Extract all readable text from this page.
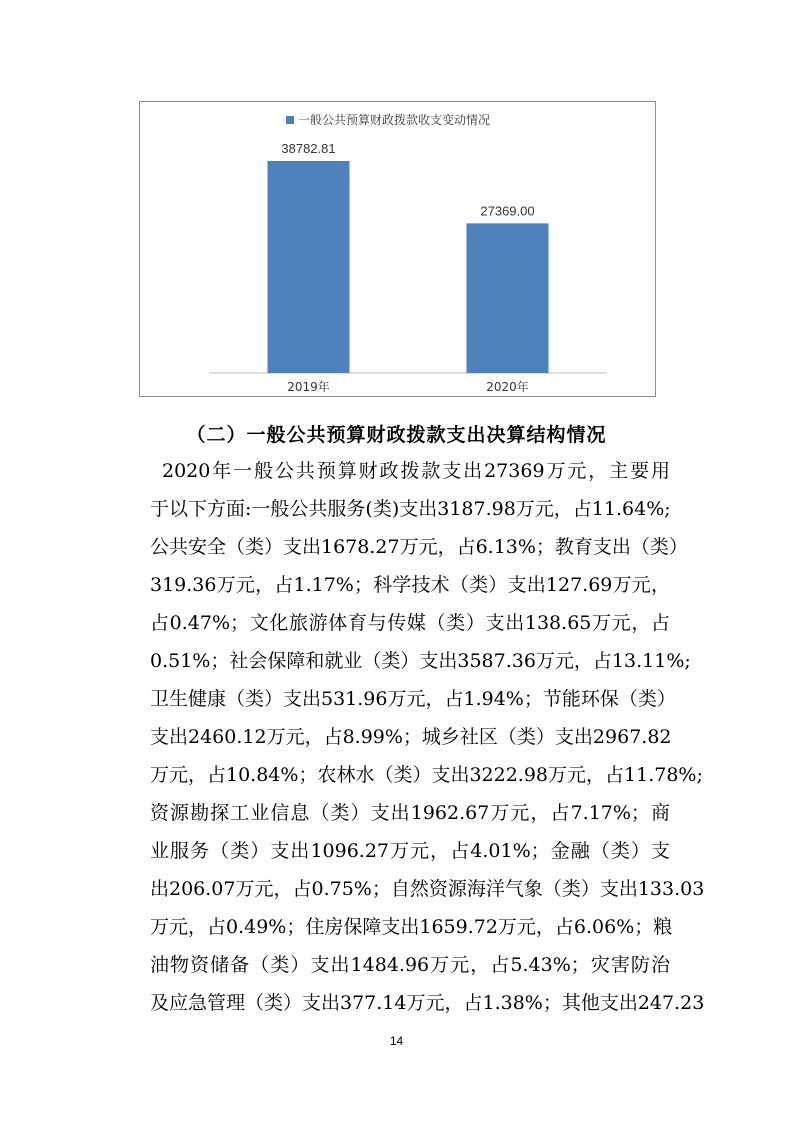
一般公共预算财政拨款收支变动情况
38782.81
2019年
27369.00
2020年
（二）一般公共预算财政拨款支出决算结构情况
2020年一般公共预算财政拨款支出27369万元，主要用
于以下方面:一般公共服务(类)支出3187.98万元，占11.64%;
公共安全（类）支出1678.27万元，占6.13%；教育支出（类）
319.36万元，占1.17%；科学技术（类）支出127.69万元，
占0.47%；文化旅游体育与传媒（类）支出138.65万元，占
0.51%；社会保障和就业（类）支出3587.36万元，占13.11%;
卫生健康（类）支出531.96万元，占1.94%；节能环保（类）
支出2460.12万元，占8.99%；城乡社区（类）支出2967.82
万元，占10.84%；农林水（类）支出3222.98万元，占11.78%;
资源勘探工业信息（类）支出1962.67万元，占7.17%；商
业服务（类）支出1096.27万元，占4.01%；金融（类）支
出206.07万元，占0.75%；自然资源海洋气象（类）支出133.03
万元，占0.49%；住房保障支出1659.72万元，占6.06%；粮
油物资储备（类）支出1484.96万元，占5.43%；灾害防治
及应急管理（类）支出377.14万元，占1.38%；其他支出247.23
14
